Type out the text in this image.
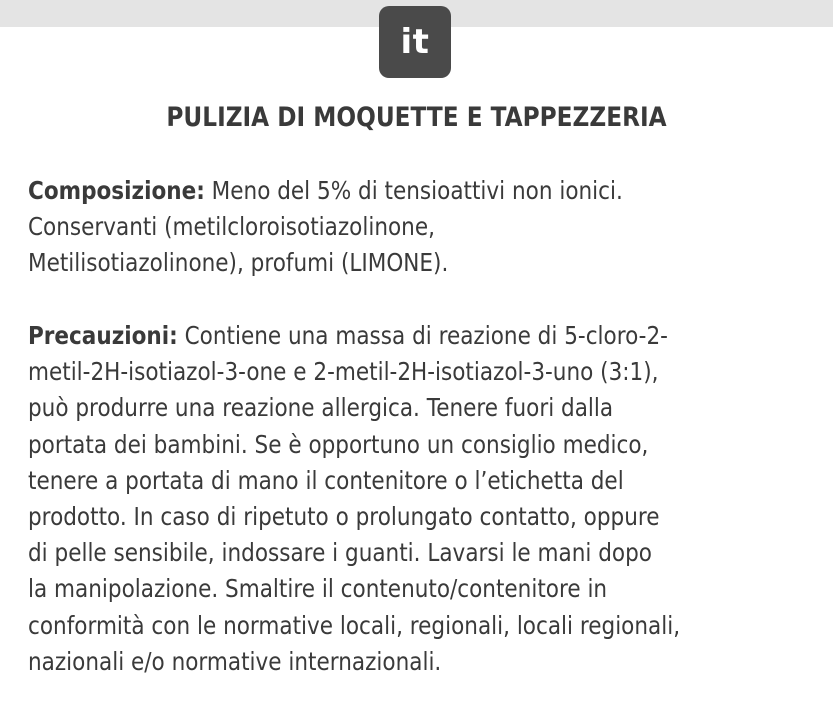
it
PULIZIA DI MOQUETTE E TAPPEZZERIA

Composizione: Meno del 5% di tensioattivi non ionici.
Conservanti (metilcloroisotiazolinone,
Metilisotiazolinone), profumi (LIMONE).

Precauzioni: Contiene una massa di reazione di 5-cloro-2-
metil-2H-isotiazol-3-one e 2-metil-2H-isotiazol-3-uno (3:1),
può produrre una reazione allergica. Tenere fuori dalla
portata dei bambini. Se è opportuno un consiglio medico,
tenere a portata di mano il contenitore o l’etichetta del
prodotto. In caso di ripetuto o prolungato contatto, oppure
di pelle sensibile, indossare i guanti. Lavarsi le mani dopo
la manipolazione. Smaltire il contenuto/contenitore in
conformità con le normative locali, regionali, locali regionali,
nazionali e/o normative internazionali.
